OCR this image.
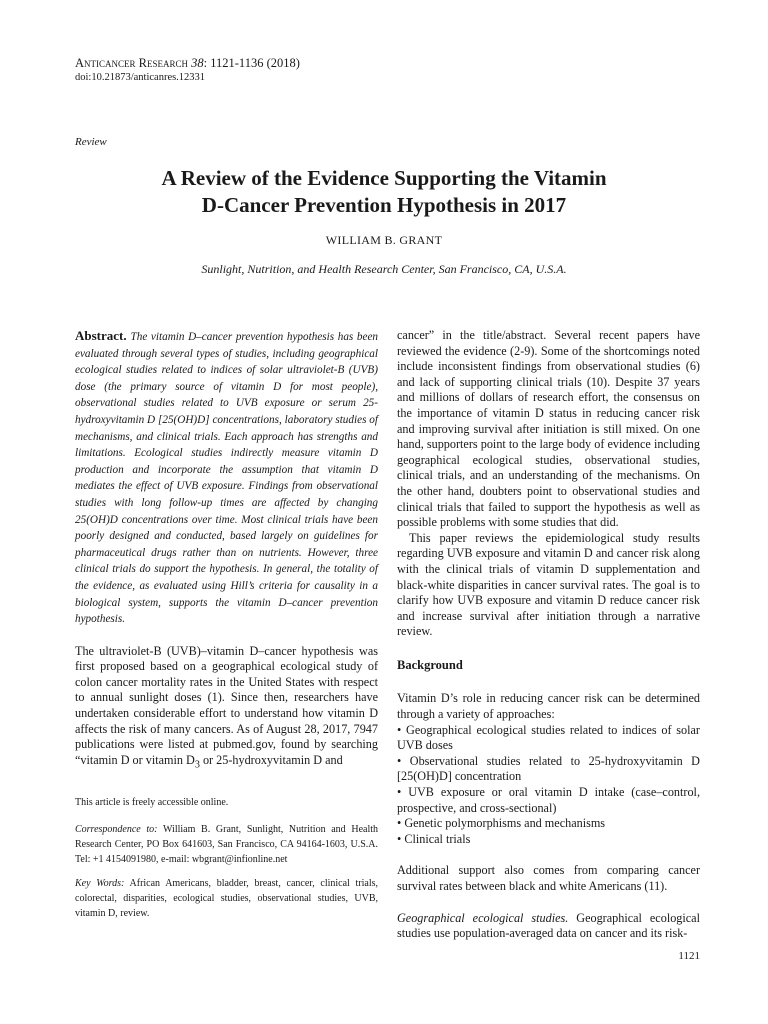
Anticancer Research 38: 1121-1136 (2018)
doi:10.21873/anticanres.12331
Review
A Review of the Evidence Supporting the Vitamin
D-Cancer Prevention Hypothesis in 2017
WILLIAM B. GRANT
Sunlight, Nutrition, and Health Research Center, San Francisco, CA, U.S.A.

Abstract. The vitamin D–cancer prevention hypothesis has been evaluated through several types of studies, including geographical ecological studies related to indices of solar ultraviolet-B (UVB) dose (the primary source of vitamin D for most people), observational studies related to UVB exposure or serum 25-hydroxyvitamin D [25(OH)D] concentrations, laboratory studies of mechanisms, and clinical trials. Each approach has strengths and limitations. Ecological studies indirectly measure vitamin D production and incorporate the assumption that vitamin D mediates the effect of UVB exposure. Findings from observational studies with long follow-up times are affected by changing 25(OH)D concentrations over time. Most clinical trials have been poorly designed and conducted, based largely on guidelines for pharmaceutical drugs rather than on nutrients. However, three clinical trials do support the hypothesis. In general, the totality of the evidence, as evaluated using Hill’s criteria for causality in a biological system, supports the vitamin D–cancer prevention hypothesis.

The ultraviolet-B (UVB)–vitamin D–cancer hypothesis was first proposed based on a geographical ecological study of colon cancer mortality rates in the United States with respect to annual sunlight doses (1). Since then, researchers have undertaken considerable effort to understand how vitamin D affects the risk of many cancers. As of August 28, 2017, 7947 publications were listed at pubmed.gov, found by searching “vitamin D or vitamin $D_3$ or 25-hydroxyvitamin D and

This article is freely accessible online.
Correspondence to: William B. Grant, Sunlight, Nutrition and Health Research Center, PO Box 641603, San Francisco, CA 94164-1603, U.S.A. Tel: +1 4154091980, e-mail: wbgrant@infionline.net
Key Words: African Americans, bladder, breast, cancer, clinical trials, colorectal, disparities, ecological studies, observational studies, UVB, vitamin D, review.

cancer” in the title/abstract. Several recent papers have reviewed the evidence (2-9). Some of the shortcomings noted include inconsistent findings from observational studies (6) and lack of supporting clinical trials (10). Despite 37 years and millions of dollars of research effort, the consensus on the importance of vitamin D status in reducing cancer risk and improving survival after initiation is still mixed. On one hand, supporters point to the large body of evidence including geographical ecological studies, observational studies, clinical trials, and an understanding of the mechanisms. On the other hand, doubters point to observational studies and clinical trials that failed to support the hypothesis as well as possible problems with some studies that did.

This paper reviews the epidemiological study results regarding UVB exposure and vitamin D and cancer risk along with the clinical trials of vitamin D supplementation and black-white disparities in cancer survival rates. The goal is to clarify how UVB exposure and vitamin D reduce cancer risk and increase survival after initiation through a narrative review.

Background

Vitamin D’s role in reducing cancer risk can be determined through a variety of approaches:

• Geographical ecological studies related to indices of solar UVB doses

• Observational studies related to 25-hydroxyvitamin D [25(OH)D] concentration

• UVB exposure or oral vitamin D intake (case–control, prospective, and cross-sectional)

• Genetic polymorphisms and mechanisms

• Clinical trials

Additional support also comes from comparing cancer survival rates between black and white Americans (11).

Geographical ecological studies. Geographical ecological studies use population-averaged data on cancer and its risk-

1121
